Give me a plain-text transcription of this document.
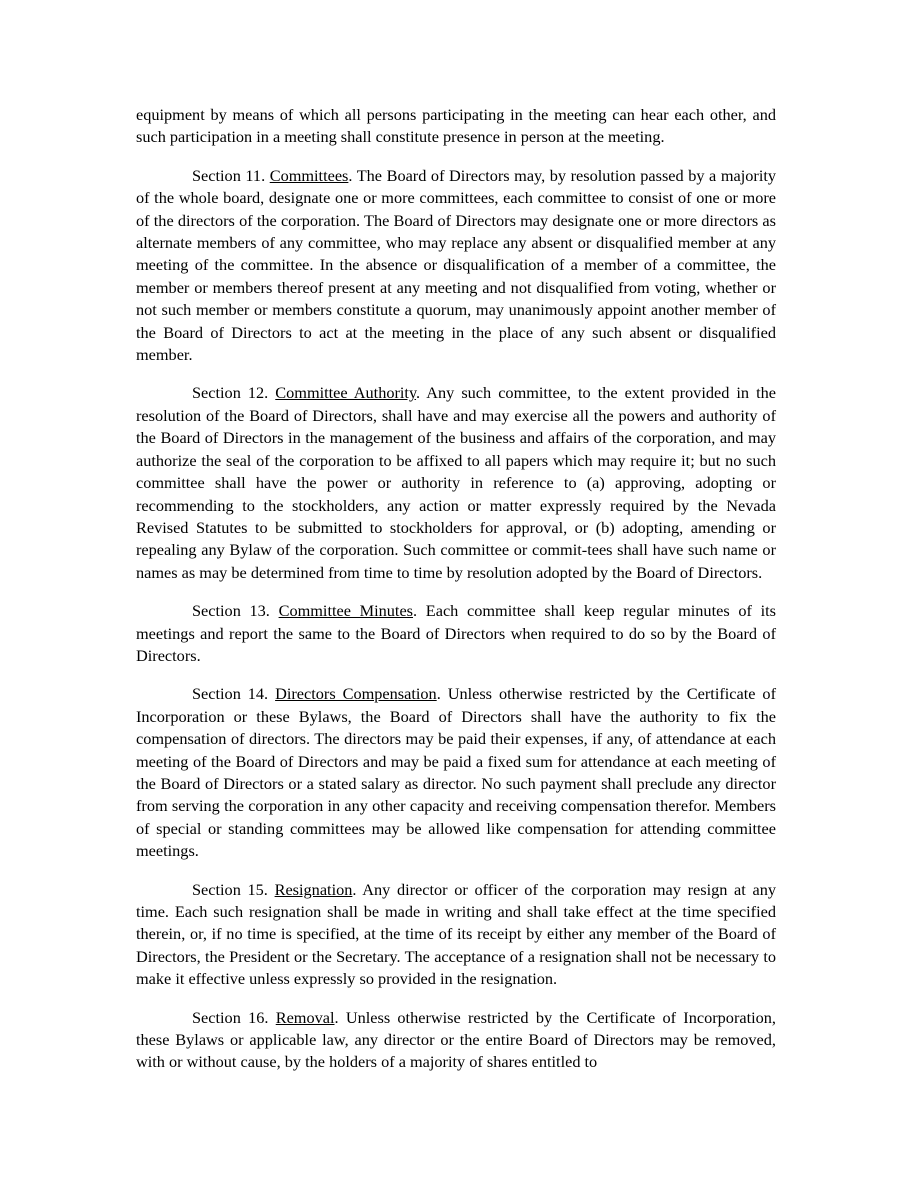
equipment by means of which all persons participating in the meeting can hear each other, and such participation in a meeting shall constitute presence in person at the meeting.

Section 11. Committees. The Board of Directors may, by resolution passed by a majority of the whole board, designate one or more committees, each committee to consist of one or more of the directors of the corporation. The Board of Directors may designate one or more directors as alternate members of any committee, who may replace any absent or disqualified member at any meeting of the committee. In the absence or disqualification of a member of a committee, the member or members thereof present at any meeting and not disqualified from voting, whether or not such member or members constitute a quorum, may unanimously appoint another member of the Board of Directors to act at the meeting in the place of any such absent or disqualified member.

Section 12. Committee Authority. Any such committee, to the extent provided in the resolution of the Board of Directors, shall have and may exercise all the powers and authority of the Board of Directors in the management of the business and affairs of the corporation, and may authorize the seal of the corporation to be affixed to all papers which may require it; but no such committee shall have the power or authority in reference to (a) approving, adopting or recommending to the stockholders, any action or matter expressly required by the Nevada Revised Statutes to be submitted to stockholders for approval, or (b) adopting, amending or repealing any Bylaw of the corporation. Such committee or commit-tees shall have such name or names as may be determined from time to time by resolution adopted by the Board of Directors.

Section 13. Committee Minutes. Each committee shall keep regular minutes of its meetings and report the same to the Board of Directors when required to do so by the Board of Directors.

Section 14. Directors Compensation. Unless otherwise restricted by the Certificate of Incorporation or these Bylaws, the Board of Directors shall have the authority to fix the compensation of directors. The directors may be paid their expenses, if any, of attendance at each meeting of the Board of Directors and may be paid a fixed sum for attendance at each meeting of the Board of Directors or a stated salary as director. No such payment shall preclude any director from serving the corporation in any other capacity and receiving compensation therefor. Members of special or standing committees may be allowed like compensation for attending committee meetings.

Section 15. Resignation. Any director or officer of the corporation may resign at any time. Each such resignation shall be made in writing and shall take effect at the time specified therein, or, if no time is specified, at the time of its receipt by either any member of the Board of Directors, the President or the Secretary. The acceptance of a resignation shall not be necessary to make it effective unless expressly so provided in the resignation.

Section 16. Removal. Unless otherwise restricted by the Certificate of Incorporation, these Bylaws or applicable law, any director or the entire Board of Directors may be removed, with or without cause, by the holders of a majority of shares entitled to
